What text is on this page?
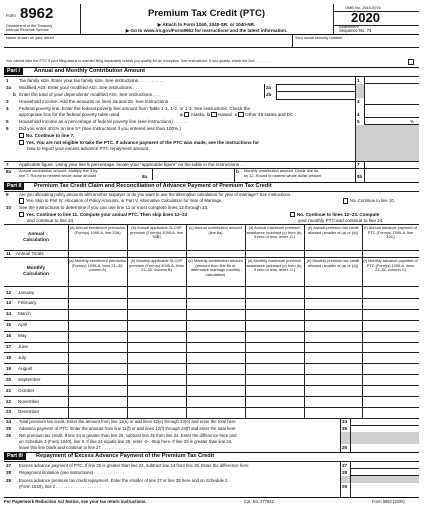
Form 8962
Department of the Treasury
Internal Revenue Service
Premium Tax Credit (PTC)
▶ Attach to Form 1040, 1040-SR, or 1040-NR.
▶ Go to www.irs.gov/Form8962 for instructions and the latest information.
OMB No. 1545-0074
2020
Attachment
Sequence No. 73
Name shown on your return	Your social security number
You cannot take the PTC if your filing status is married filing separately unless you qualify for an exception. See instructions. If you qualify, check the box . . . . . . . .
Part I	Annual and Monthly Contribution Amount
1 Tax family size. Enter your tax family size. See instructions . . . . . . . . . .	1
2a Modified AGI. Enter your modified AGI. See instructions . . . .	2a
b Enter the total of your dependents' modified AGI. See instructions . . .	2b
3 Household income. Add the amounts on lines 2a and 2b. See instructions . . . . . .	3
4 Federal poverty line. Enter the federal poverty line amount from Table 1-1, 1-2, or 1-3. See instructions. Check the
appropriate box for the federal poverty table used.	a Alaska b Hawaii c Other 48 states and DC	4
5 Household income as a percentage of federal poverty line (see instructions) . . . . . .	5	%
6 Did you enter 401% on line 5? (See Instructions if you entered less than 100%.)
No. Continue to line 7.
Yes. You are not eligible to take the PTC. If advance payment of the PTC was made, see the instructions for
how to report your excess advance PTC repayment amount.
7 Applicable figure. Using your line 5 percentage, locate your “applicable figure” on the table in the instructions . .	7
8a Annual contribution amount. Multiply line 3 by
line 7. Round to nearest whole dollar amount	8a
b Monthly contribution amount. Divide line 8a
by 12. Round to nearest whole dollar amount	8b
Part II	Premium Tax Credit Claim and Reconciliation of Advance Payment of Premium Tax Credit
9 Are you allocating policy amounts with another taxpayer or do you want to use the alternative calculation for year of marriage? See instructions.
Yes. Skip to Part IV, Allocation of Policy Amounts, or Part V, Alternative Calculation for Year of Marriage.	No. Continue to line 10.
10 See the instructions to determine if you can use line 11 or must complete lines 12 through 23.
Yes. Continue to line 11. Compute your annual PTC. Then skip lines 12–23
and continue to line 24.
No. Continue to lines 12–23. Compute
your monthly PTC and continue to line 24.
Annual
Calculation
(a) Annual enrollment premiums (Form(s) 1095-A, line 33A)
(b) Annual applicable SLCSP premium (Form(s) 1095-A, line 33B)
(c) Annual contribution amount (line 8a)
(d) Annual maximum premium assistance (subtract (c) from (b), if zero or less, enter -0-)
(e) Annual premium tax credit allowed (smaller of (a) or (d))
(f) Annual advance payment of PTC (Form(s) 1095-A, line 33C)
11 Annual Totals
Monthly
Calculation
(a) Monthly enrollment premiums (Form(s) 1095-A, lines 21–32, column A)
(b) Monthly applicable SLCSP premium (Form(s) 1095-A, lines 21–32, column B)
(c) Monthly contribution amount (amount from line 8b or alternative marriage monthly calculation)
(d) Monthly maximum premium assistance (subtract (c) from (b), if zero or less, enter -0-)
(e) Monthly premium tax credit allowed (smaller of (a) or (d))
(f) Monthly advance payment of PTC (Form(s) 1095-A, lines 21–32, column C)
12 January
13 February
14 March
15 April
16 May
17 June
18 July
19 August
20 September
21 October
22 November
23 December
24 Total premium tax credit. Enter the amount from line 11(e) or add lines 12(e) through 23(e) and enter the total here	24
25 Advance payment of PTC. Enter the amount from line 11(f) or add lines 12(f) through 23(f) and enter the total here	25
26 Net premium tax credit. If line 24 is greater than line 25, subtract line 25 from line 24. Enter the difference here and
on Schedule 3 (Form 1040), line 8. If line 24 equals line 25, enter -0-. Stop here. If line 25 is greater than line 24,
leave this line blank and continue to line 27 . . . . . . . . . . . . . . .	26
Part III	Repayment of Excess Advance Payment of the Premium Tax Credit
27 Excess advance payment of PTC. If line 25 is greater than line 24, subtract line 24 from line 25. Enter the difference here	27
28 Repayment limitation (see instructions) . . . . . . . . . . . . .	28
29 Excess advance premium tax credit repayment. Enter the smaller of line 27 or line 28 here and on Schedule 2
(Form 1040), line 2 . . . . . . . . . . . . . . . . . . .	29
For Paperwork Reduction Act Notice, see your tax return instructions.	Cat. No. 37784Z	Form 8962 (2020)
